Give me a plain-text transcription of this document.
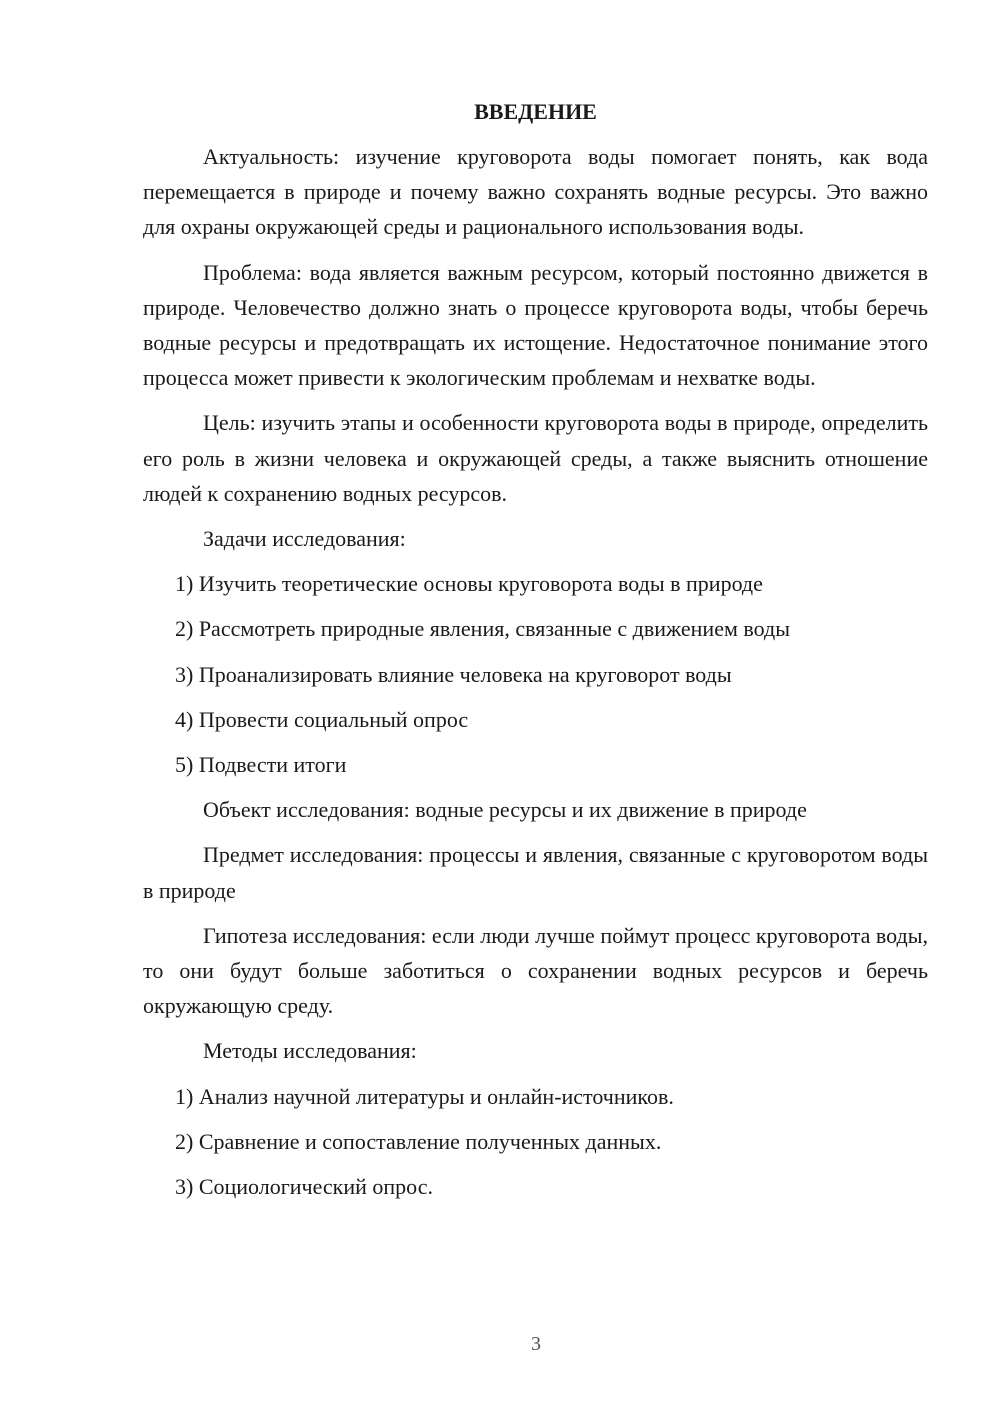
ВВЕДЕНИЕ

Актуальность: изучение круговорота воды помогает понять, как вода перемещается в природе и почему важно сохранять водные ресурсы. Это важно для охраны окружающей среды и рационального использования воды.

Проблема: вода является важным ресурсом, который постоянно движется в природе. Человечество должно знать о процессе круговорота воды, чтобы беречь водные ресурсы и предотвращать их истощение. Недостаточное понимание этого процесса может привести к экологическим проблемам и нехватке воды.

Цель: изучить этапы и особенности круговорота воды в природе, определить его роль в жизни человека и окружающей среды, а также выяснить отношение людей к сохранению водных ресурсов.

Задачи исследования:

1) Изучить теоретические основы круговорота воды в природе
2) Рассмотреть природные явления, связанные с движением воды
3) Проанализировать влияние человека на круговорот воды
4) Провести социальный опрос
5) Подвести итоги

Объект исследования: водные ресурсы и их движение в природе

Предмет исследования: процессы и явления, связанные с круговоротом воды в природе

Гипотеза исследования: если люди лучше поймут процесс круговорота воды, то они будут больше заботиться о сохранении водных ресурсов и беречь окружающую среду.

Методы исследования:

1) Анализ научной литературы и онлайн-источников.
2) Сравнение и сопоставление полученных данных.
3) Социологический опрос.
3
